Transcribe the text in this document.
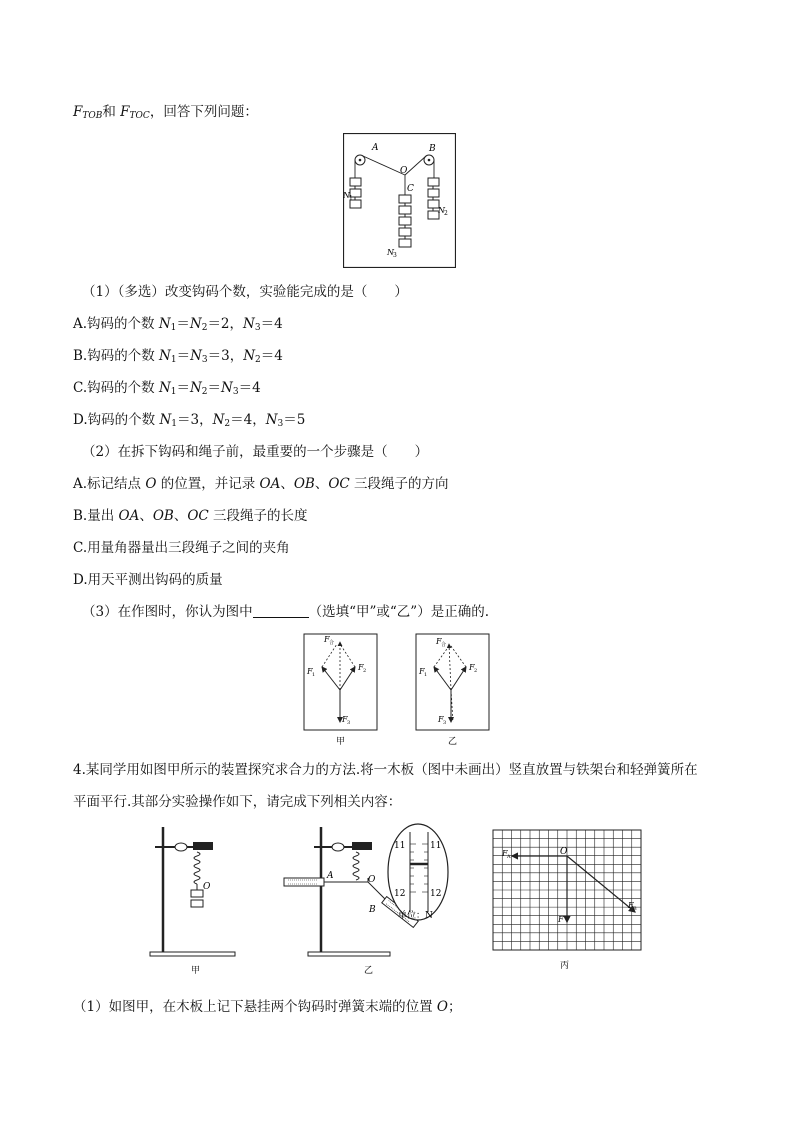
$F_{TOB}$和 $F_{TOC}$，回答下列问题：
A
O
B
C
N 1
N 2
N 3
（1）（多选）改变钩码个数，实验能完成的是（　　）
A.钩码的个数 $N_1=N_2=2$，$N_3=4$
B.钩码的个数 $N_1=N_3=3$，$N_2=4$
C.钩码的个数 $N_1=N_2=N_3=4$
D.钩码的个数 $N_1=3$，$N_2=4$，$N_3=5$
（2）在拆下钩码和绳子前，最重要的一个步骤是（　　）
A.标记结点 O 的位置，并记录 OA、OB、OC 三段绳子的方向
B.量出 OA、OB、OC 三段绳子的长度
C.用量角器量出三段绳子之间的夹角
D.用天平测出钩码的质量
（3）在作图时，你认为图中	（选填“甲”或“乙”）是正确的.
F 合
F 1
F 2
F 3
甲
F 合
F 1
F 2
F 3
乙
4.某同学用如图甲所示的装置探究求合力的方法.将一木板（图中未画出）竖直放置与铁架台和轻弹簧所在
平面平行.其部分实验操作如下，请完成下列相关内容：
O
甲
O
A
B
11	11
12	12
单位：N
乙
O
F A
F B
F
丙
（1）如图甲，在木板上记下悬挂两个钩码时弹簧末端的位置 O；
